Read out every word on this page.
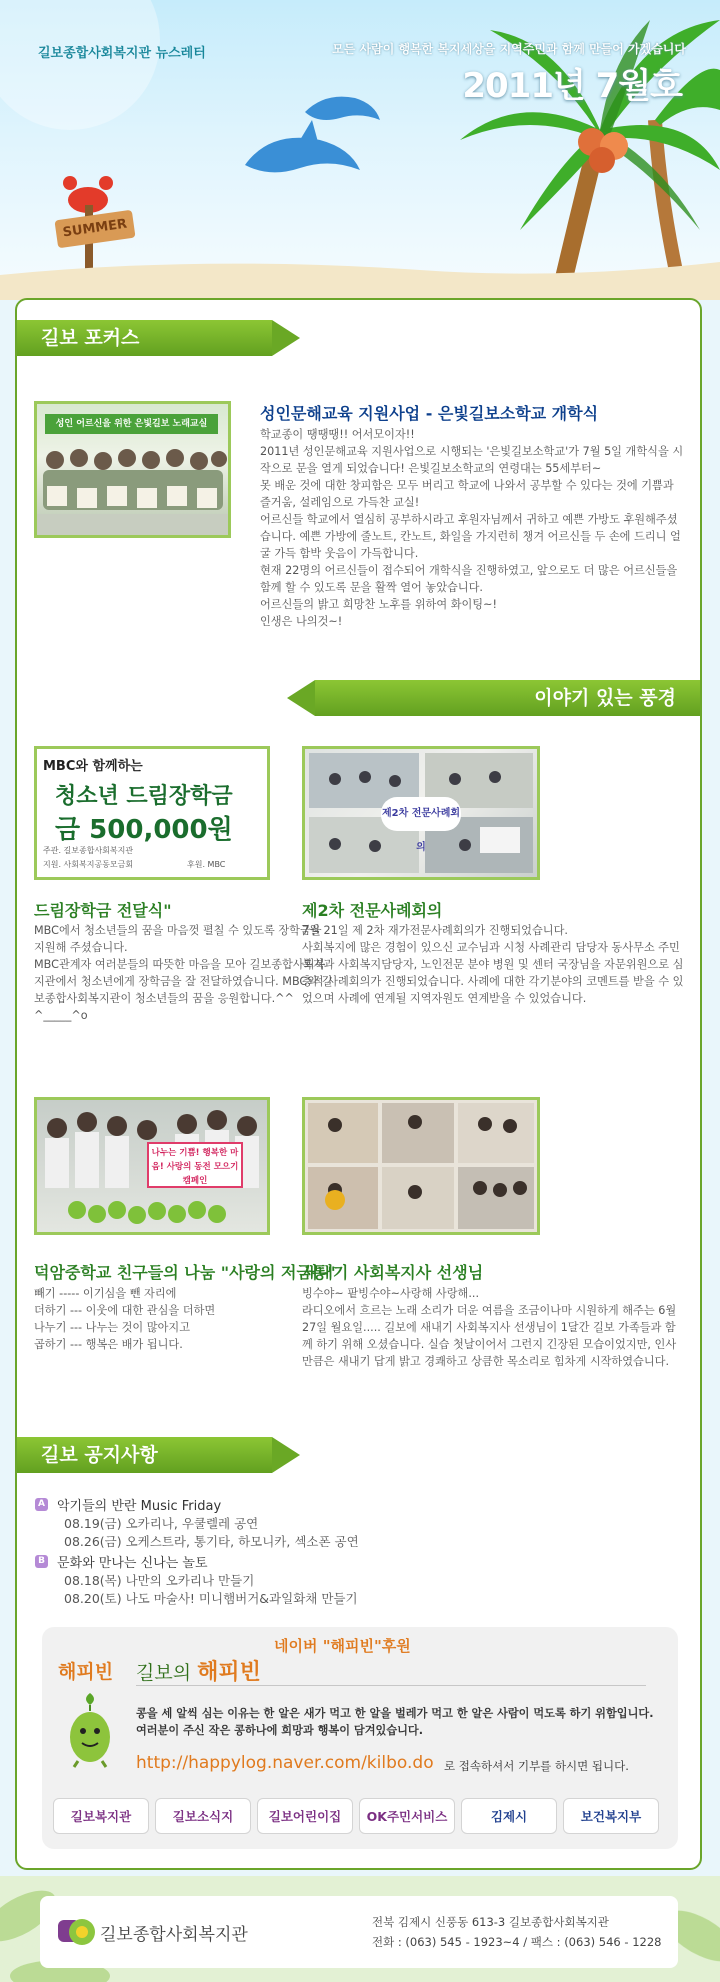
SUMMER
길보종합사회복지관 뉴스레터	모든 사람이 행복한 복지세상을 지역주민과 함께 만들어 가겠습니다
2011년 7월호
길보 포커스
성인 어르신을 위한 은빛길보 노래교실
성인문해교육 지원사업 - 은빛길보소학교 개학식
학교종이 땡땡땡!! 어서모이자!!
2011년 성인문해교육 지원사업으로 시행되는 '은빛길보소학교'가 7월 5일 개학식을 시작으로 문을 열게 되었습니다! 은빛길보소학교의 연령대는 55세부터~
못 배운 것에 대한 창피함은 모두 버리고 학교에 나와서 공부할 수 있다는 것에 기쁨과 즐거움, 설레임으로 가득찬 교실!
어르신들 학교에서 열심히 공부하시라고 후원자님께서 귀하고 예쁜 가방도 후원해주셨습니다. 예쁜 가방에 줄노트, 칸노트, 화일을 가지런히 챙겨 어르신들 두 손에 드리니 얼굴 가득 함박 웃음이 가득합니다.
현재 22명의 어르신들이 접수되어 개학식을 진행하였고, 앞으로도 더 많은 어르신들을 함께 할 수 있도록 문을 활짝 열어 놓았습니다.
어르신들의 밝고 희망찬 노후를 위하여 화이팅~!
인생은 나의것~!
이야기 있는 풍경
MBC와 함께하는
청소년 드림장학금
금 500,000원
주관. 길보종합사회복지관
지원. 사회복지공동모금회	후원. MBC
드림장학금 전달식"
MBC에서 청소년들의 꿈을 마음껏 펼칠 수 있도록 장학금을 지원해 주셨습니다.
MBC관계자 여러분들의 따뜻한 마음을 모아 길보종합사회복지관에서 청소년에게 장학금을 잘 전달하였습니다. MBC와 길보종합사회복지관이 청소년들의 꿈을 응원합니다.^^
^_____^o
제2차 전문사례회의
제2차 전문사례회의
7월 21일 제 2차 재가전문사례회의가 진행되었습니다.
사회복지에 많은 경험이 있으신 교수님과 시청 사례관리 담당자 동사무소 주민복지과 사회복지담당자, 노인전문 분야 병원 및 센터 국장님을 자문위원으로 심층적 사례회의가 진행되었습니다. 사례에 대한 각기분야의 코멘트를 받을 수 있었으며 사례에 연계될 지역자원도 연계받을 수 있었습니다.
나누는 기쁨! 행복한 마음! 사랑의 동전 모으기 캠페인
덕암중학교 친구들의 나눔 "사랑의 저금통"
빼기 ----- 이기심을 뺀 자리에
더하기 --- 이웃에 대한 관심을 더하면
나누기 --- 나누는 것이 많아지고
곱하기 --- 행복은 배가 됩니다.
새내기 사회복지사 선생님
빙수야~ 팥빙수야~사랑해 사랑해...
라디오에서 흐르는 노래 소리가 더운 여름을 조금이나마 시원하게 해주는 6월 27일 월요일..... 길보에 새내기 사회복지사 선생님이 1달간 길보 가족들과 함께 하기 위해 오셨습니다. 실습 첫날이어서 그런지 긴장된 모습이었지만, 인사만큼은 새내기 답게 밝고 경쾌하고 상큼한 목소리로 힘차게 시작하였습니다.
길보 공지사항
A 악기들의 반란 Music Friday
08.19(금) 오카리나, 우쿨렐레 공연
08.26(금) 오케스트라, 통기타, 하모니카, 섹소폰 공연
B 문화와 만나는 신나는 놀토
08.18(목) 나만의 오카리나 만들기
08.20(토) 나도 마술사! 미니햄버거&과일화채 만들기
네이버 "해피빈"후원
길보의 해피빈
해피빈
콩을 세 알씩 심는 이유는 한 알은 새가 먹고 한 알을 벌레가 먹고 한 알은 사람이 먹도록 하기 위함입니다.
여러분이 주신 작은 콩하나에 희망과 행복이 담겨있습니다.
http://happylog.naver.com/kilbo.do 로 접속하셔서 기부를 하시면 됩니다.
길보복지관	길보소식지	길보어린이집	OK주민서비스	김제시	보건복지부
길보종합사회복지관
전북 김제시 신풍동 613-3 길보종합사회복지관
전화 : (063) 545 - 1923~4 / 팩스 : (063) 546 - 1228
